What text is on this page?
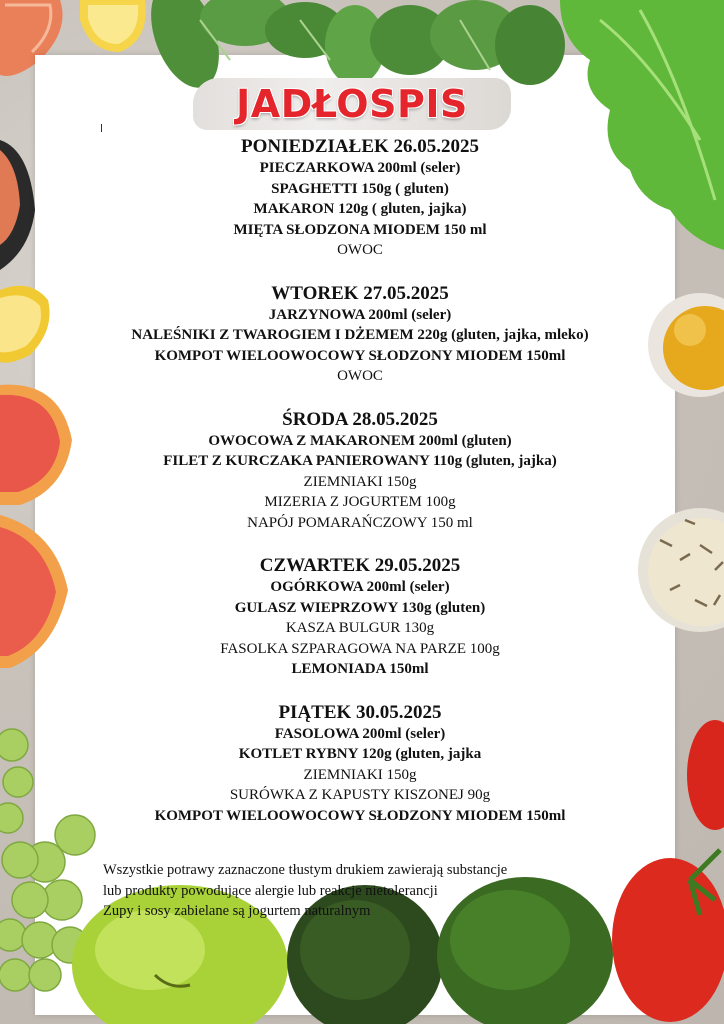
JADŁOSPIS

PONIEDZIAŁEK 26.05.2025

PIECZARKOWA 200ml (seler)

SPAGHETTI 150g ( gluten)

MAKARON 120g ( gluten, jajka)

MIĘTA SŁODZONA MIODEM 150 ml

OWOC

WTOREK 27.05.2025

JARZYNOWA 200ml (seler)

NALEŚNIKI Z TWAROGIEM I DŻEMEM 220g (gluten, jajka, mleko)

KOMPOT WIELOOWOCOWY SŁODZONY MIODEM 150ml

OWOC

ŚRODA 28.05.2025

OWOCOWA Z MAKARONEM 200ml (gluten)

FILET Z KURCZAKA PANIEROWANY 110g (gluten, jajka)

ZIEMNIAKI 150g

MIZERIA Z JOGURTEM 100g

NAPÓJ POMARAŃCZOWY 150 ml

CZWARTEK 29.05.2025

OGÓRKOWA 200ml (seler)

GULASZ WIEPRZOWY 130g (gluten)

KASZA BULGUR 130g

FASOLKA SZPARAGOWA NA PARZE 100g

LEMONIADA 150ml

PIĄTEK 30.05.2025

FASOLOWA 200ml (seler)

KOTLET RYBNY 120g (gluten, jajka

ZIEMNIAKI 150g

SURÓWKA Z KAPUSTY KISZONEJ 90g

KOMPOT WIELOOWOCOWY SŁODZONY MIODEM 150ml

Wszystkie potrawy zaznaczone tłustym drukiem zawierają substancje

lub produkty powodujące alergie lub reakcje nietolerancji

Zupy i sosy zabielane są jogurtem naturalnym
